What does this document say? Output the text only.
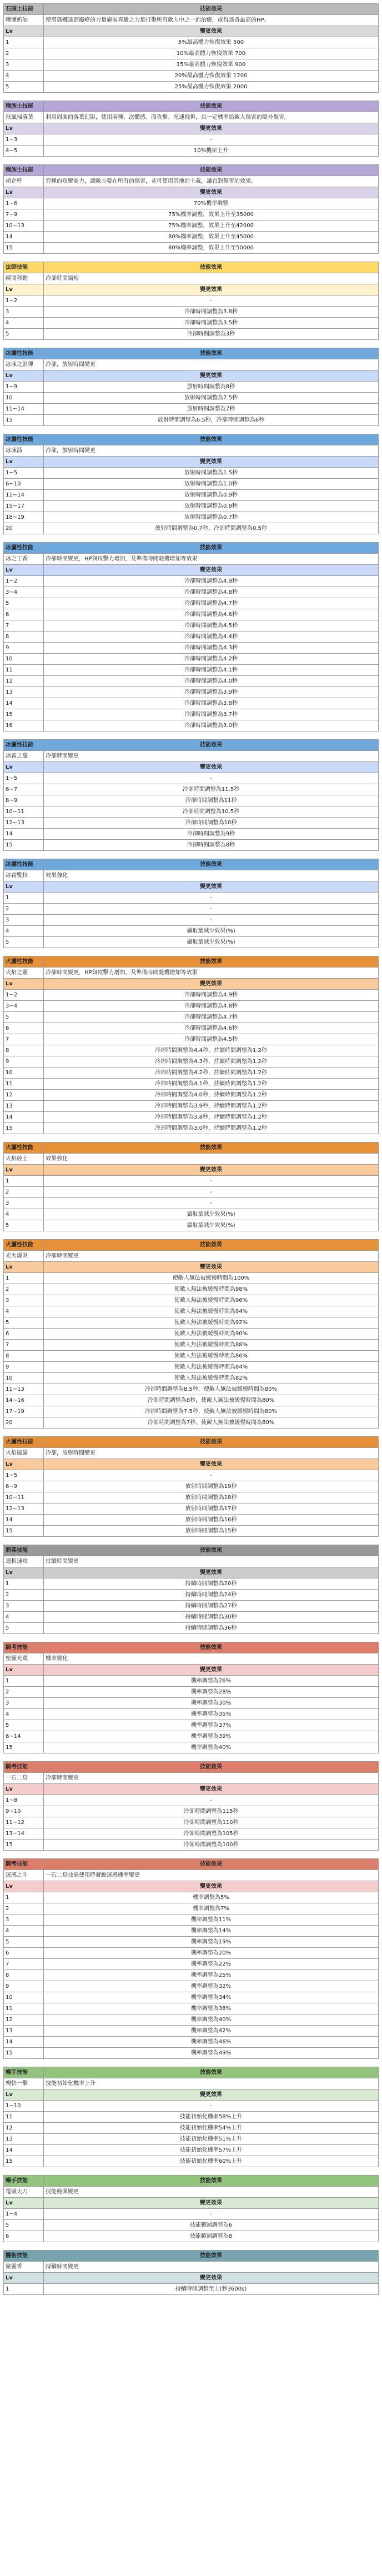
石頭土技能	技能效果
壞壞奶油	使用瑪娜達到巔峰的力量施展奔騰之力量打擊所有敵人中之一的治療，或得達各最高的HP。
Lv	變更效果
1	5%最高體力恢復效果 500
2	10%最高體力恢復效果 700
3	15%最高體力恢復效果 900
4	20%最高體力恢復效果 1200
5	25%最高體力恢復效果 2000
種族土技能	技能效果
秋風掃落葉	利用周圍的落葉幻影，使用兩種、次體感、而攻擊、光速飛舞，以一定機率給敵人傷害的額外傷害。
Lv	變更效果
1~3	-
4~5	10%機率上升
種族土技能	技能效果
胡企軒	究極的攻擊能力，讓敵方要在所有的傷害，並可使用其他的主義，讓台對傷害的效果。
Lv	變更效果
1~6	70%機率調整
7~9	75%機率調整，效果上升至35000
10~13	75%機率調整，效果上升至42000
14	80%機率調整，效果上升至45000
15	80%機率調整，效果上升至50000
法師技能	技能效果
瞬間移動	冷卻時間縮短
Lv	變更效果
1~2	-
3	冷卻時間調整為3.8秒
4	冷卻時間調整為3.5秒
5	冷卻時間調整為3秒
冰屬性技能	技能效果
冰凍之彭彈	冷卻，放射時間變更
Lv	變更效果
1~9	放射時間調整為8秒
10	放射時間調整為7.5秒
11~14	放射時間調整為7秒
15	放射時間調整為6.5秒，冷卻時間調整為6秒
冰屬性技能	技能效果
冰凍箭	冷卻，放射時間變更
Lv	變更效果
1~5	放射時間調整為1.5秒
6~10	放射時間調整為1.0秒
11~14	放射時間調整為0.9秒
15~17	放射時間調整為0.8秒
18~19	放射時間調整為0.7秒
20	放射時間調整為0.7秒，冷卻時間調整為0.5秒
冰屬性技能	技能效果
冰之丁香	冷卻時間變更，HP與攻擊力增加，及準備時間隨機增加等效果
Lv	變更效果
1~2	冷卻時間調整為4.9秒
3~4	冷卻時間調整為4.8秒
5	冷卻時間調整為4.7秒
6	冷卻時間調整為4.6秒
7	冷卻時間調整為4.5秒
8	冷卻時間調整為4.4秒
9	冷卻時間調整為4.3秒
10	冷卻時間調整為4.2秒
11	冷卻時間調整為4.1秒
12	冷卻時間調整為4.0秒
13	冷卻時間調整為3.9秒
14	冷卻時間調整為3.8秒
15	冷卻時間調整為3.7秒
16	冷卻時間調整為3.0秒
冰屬性技能	技能效果
冰霜之蔓	冷卻時間變更
Lv	變更效果
1~5	-
6~7	冷卻時間調整為11.5秒
8~9	冷卻時間調整為11秒
10~11	冷卻時間調整為10.5秒
12~13	冷卻時間調整為10秒
14	冷卻時間調整為9秒
15	冷卻時間調整為8秒
冰屬性技能	技能效果
冰霜雙拉	效果強化
Lv	變更效果
1	-
2	-
3	-
4	攝取量減少效果(%)
5	攝取量減少效果(%)
火屬性技能	技能效果
火焰之靈	冷卻時間變更，HP與攻擊力增加，及準備時間隨機增加等效果
Lv	變更效果
1~2	冷卻時間調整為4.9秒
3~4	冷卻時間調整為4.8秒
5	冷卻時間調整為4.7秒
6	冷卻時間調整為4.6秒
7	冷卻時間調整為4.5秒
8	冷卻時間調整為4.4秒，持續時間調整為1.2秒
9	冷卻時間調整為4.3秒，持續時間調整為1.2秒
10	冷卻時間調整為4.2秒，持續時間調整為1.2秒
11	冷卻時間調整為4.1秒，持續時間調整為1.2秒
12	冷卻時間調整為4.0秒，持續時間調整為1.2秒
13	冷卻時間調整為3.9秒，持續時間調整為1.2秒
14	冷卻時間調整為3.8秒，持續時間調整為1.2秒
15	冷卻時間調整為3.0秒，持續時間調整為1.2秒
火屬性技能	技能效果
火焰陸士	效果強化
Lv	變更效果
1	-
2	-
3	-
4	攝取量減少效果(%)
5	攝取量減少效果(%)
火屬性技能	技能效果
光火爆炎	冷卻時間變更
Lv	變更效果
1	使敵人無法被緩慢時間為100%
2	使敵人無法被緩慢時間為98%
3	使敵人無法被緩慢時間為96%
4	使敵人無法被緩慢時間為94%
5	使敵人無法被緩慢時間為92%
6	使敵人無法被緩慢時間為90%
7	使敵人無法被緩慢時間為88%
8	使敵人無法被緩慢時間為86%
9	使敵人無法被緩慢時間為84%
10	使敵人無法被緩慢時間為82%
11~13	冷卻時間調整為8.5秒，使敵人無法被緩慢時間為80%
14~16	冷卻時間調整為8秒，使敵人無法被緩慢時間為80%
17~19	冷卻時間調整為7.5秒，使敵人無法被緩慢時間為80%
20	冷卻時間調整為7秒，使敵人無法被緩慢時間為80%
火屬性技能	技能效果
火焰風暴	冷卻，放射時間變更
Lv	變更效果
1~5	-
6~9	放射時間調整為19秒
10~11	放射時間調整為18秒
12~13	放射時間調整為17秒
14	放射時間調整為16秒
15	放射時間調整為15秒
刺客技能	技能效果
連斬速攻	持續時間變更
Lv	變更效果
1	持續時間調整為20秒
2	持續時間調整為24秒
3	持續時間調整為27秒
4	持續時間調整為30秒
5	持續時間調整為36秒
騎考技能	技能效果
聖靈光環	機率變化
Lv	變更效果
1	機率調整為26%
2	機率調整為28%
3	機率調整為30%
4	機率調整為35%
5	機率調整為37%
6~14	機率調整為39%
15	機率調整為40%
騎考技能	技能效果
一石二鳥	冷卻時間變更
Lv	變更效果
1~8	-
9~10	冷卻時間調整為115秒
11~12	冷卻時間調整為110秒
13~14	冷卻時間調整為105秒
15	冷卻時間調整為100秒
騎考技能	技能效果
迷惑之斗	一石二鳥技能使用時發動迷惑機率變更
Lv	變更效果
1	機率調整為5%
2	機率調整為7%
3	機率調整為11%
4	機率調整為14%
5	機率調整為19%
6	機率調整為20%
7	機率調整為22%
8	機率調整為25%
9	機率調整為32%
10	機率調整為34%
11	機率調整為38%
12	機率調整為40%
13	機率調整為42%
14	機率調整為46%
15	機率調整為49%
暢手技能	技能效果
暢快一擊	技能初始化機率上升
Lv	變更效果
1~10	-
11	技能初始化機率58%上升
12	技能初始化機率54%上升
13	技能初始化機率51%上升
14	技能初始化機率57%上升
15	技能初始化機率60%上升
暢手技能	技能效果
電磁大刀	技能範圍變更
Lv	變更效果
1~4	-
5	技能範圍調整為6
6	技能範圍調整為8
醫術技能	技能效果
聚靈香	持續時間變更
Lv	變更效果
1	持續時間調整至上(秒3600s)
